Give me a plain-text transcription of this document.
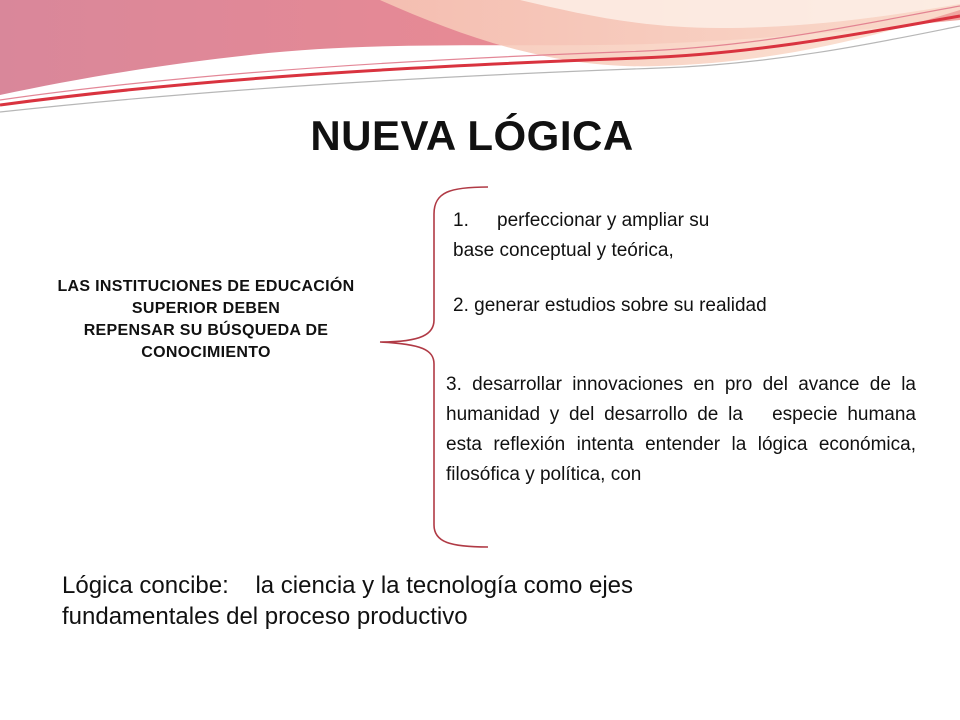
NUEVA LÓGICA
LAS INSTITUCIONES DE EDUCACIÓN
SUPERIOR DEBEN
REPENSAR SU BÚSQUEDA DE
CONOCIMIENTO
1. perfeccionar y ampliar su
base conceptual y teórica,
2. generar estudios sobre su realidad
3. desarrollar innovaciones en pro del avance de la humanidad y del desarrollo de la   especie humana esta reflexión intenta entender la lógica económica, filosófica y política, con
Lógica concibe:    la ciencia y la tecnología como ejes
fundamentales del proceso productivo
